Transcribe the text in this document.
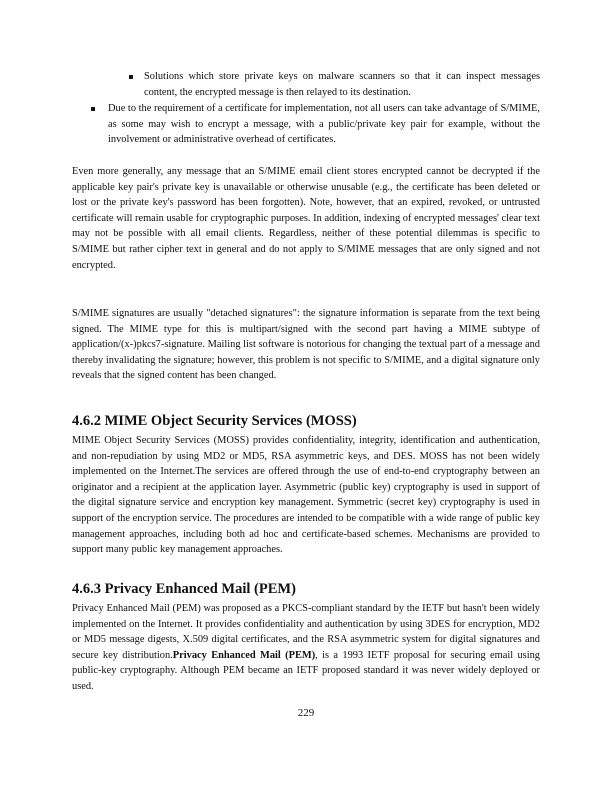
Solutions which store private keys on malware scanners so that it can inspect messages content, the encrypted message is then relayed to its destination.

Due to the requirement of a certificate for implementation, not all users can take advantage of S/MIME, as some may wish to encrypt a message, with a public/private key pair for example, without the involvement or administrative overhead of certificates.

Even more generally, any message that an S/MIME email client stores encrypted cannot be decrypted if the applicable key pair's private key is unavailable or otherwise unusable (e.g., the certificate has been deleted or lost or the private key's password has been forgotten). Note, however, that an expired, revoked, or untrusted certificate will remain usable for cryptographic purposes. In addition, indexing of encrypted messages' clear text may not be possible with all email clients. Regardless, neither of these potential dilemmas is specific to S/MIME but rather cipher text in general and do not apply to S/MIME messages that are only signed and not encrypted.

S/MIME signatures are usually "detached signatures": the signature information is separate from the text being signed. The MIME type for this is multipart/signed with the second part having a MIME subtype of application/(x-)pkcs7-signature. Mailing list software is notorious for changing the textual part of a message and thereby invalidating the signature; however, this problem is not specific to S/MIME, and a digital signature only reveals that the signed content has been changed.

4.6.2 MIME Object Security Services (MOSS)

MIME Object Security Services (MOSS) provides confidentiality, integrity, identification and authentication, and non-repudiation by using MD2 or MD5, RSA asymmetric keys, and DES. MOSS has not been widely implemented on the Internet.The services are offered through the use of end-to-end cryptography between an originator and a recipient at the application layer. Asymmetric (public key) cryptography is used in support of the digital signature service and encryption key management. Symmetric (secret key) cryptography is used in support of the encryption service. The procedures are intended to be compatible with a wide range of public key management approaches, including both ad hoc and certificate-based schemes. Mechanisms are provided to support many public key management approaches.

4.6.3 Privacy Enhanced Mail (PEM)

Privacy Enhanced Mail (PEM) was proposed as a PKCS-compliant standard by the IETF but hasn't been widely implemented on the Internet. It provides confidentiality and authentication by using 3DES for encryption, MD2 or MD5 message digests, X.509 digital certificates, and the RSA asymmetric system for digital signatures and secure key distribution.Privacy Enhanced Mail (PEM), is a 1993 IETF proposal for securing email using public-key cryptography. Although PEM became an IETF proposed standard it was never widely deployed or used.

229
